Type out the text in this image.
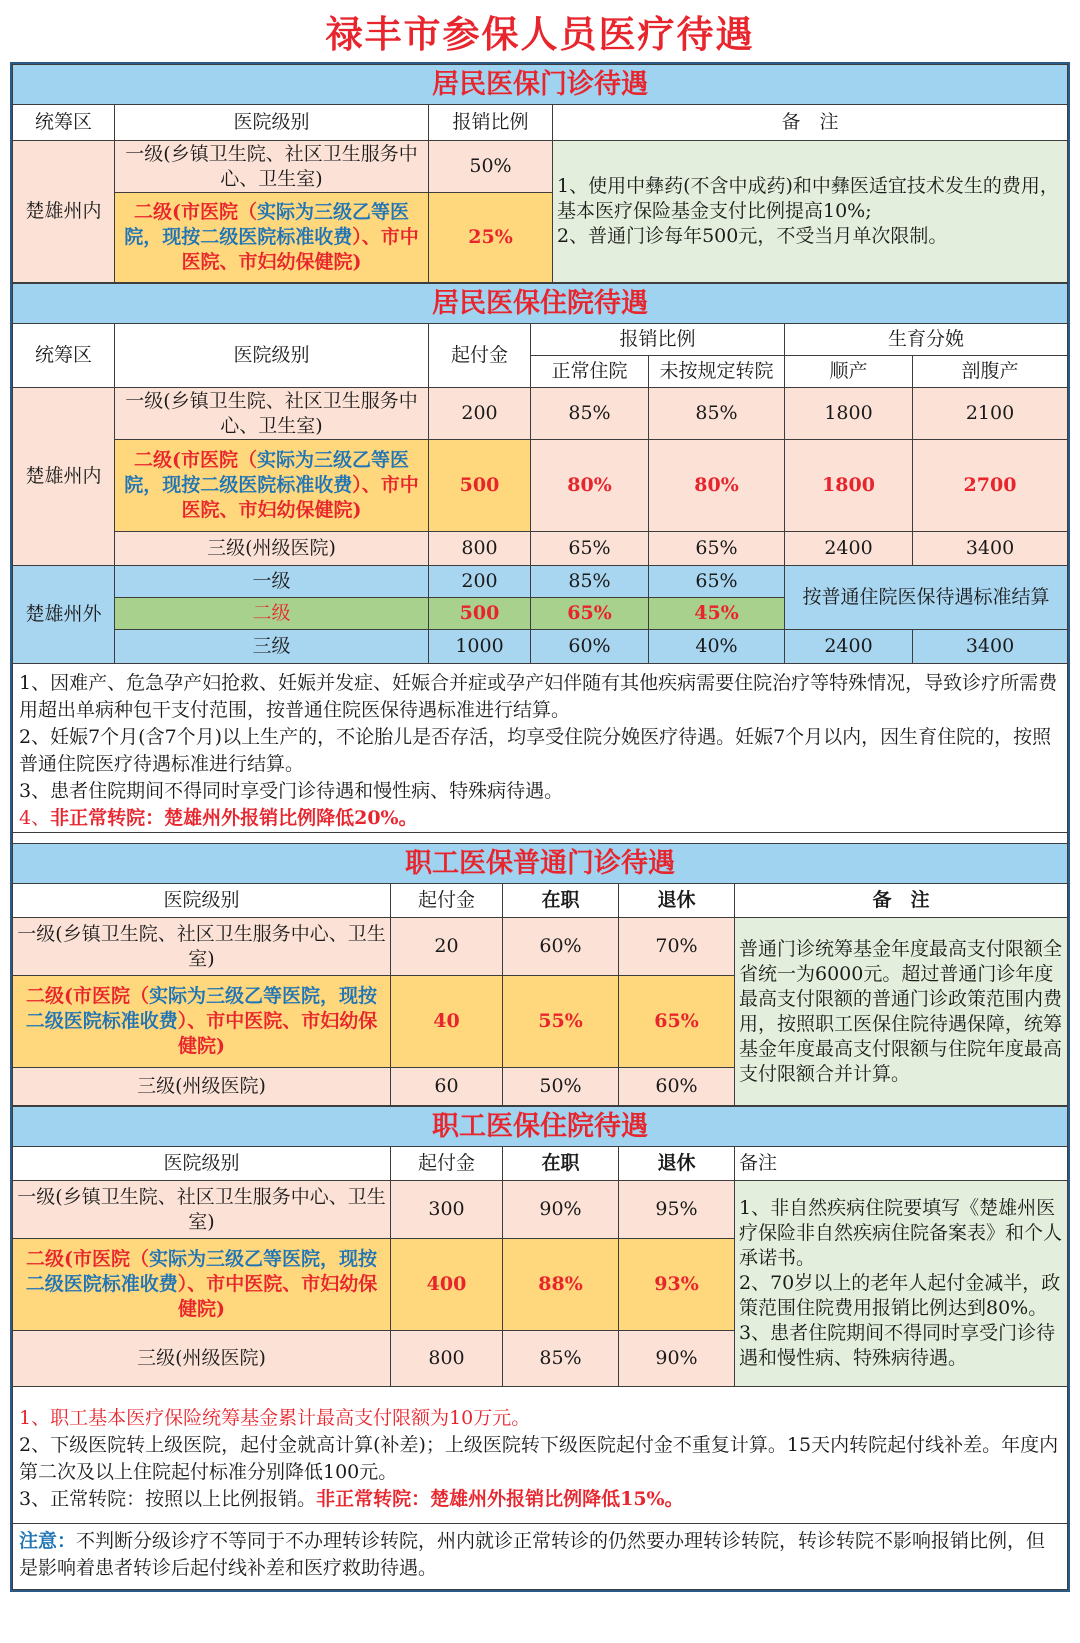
禄丰市参保人员医疗待遇
居民医保门诊待遇			
统筹区	医院级别	报销比例	备　注
楚雄州内	一级(乡镇卫生院、社区卫生服务中心、卫生室)	50%	1、使用中彝药(不含中成药)和中彝医适宜技术发生的费用，基本医疗保险基金支付比例提高10%;
2、普通门诊每年500元，不受当月单次限制。

	二级(市医院（实际为三级乙等医院，现按二级医院标准收费）、市中医院、市妇幼保健院)	25%	
居民医保住院待遇						
统筹区	医院级别	起付金	报销比例		生育分娩	
			正常住院	未按规定转院	顺产	剖腹产
楚雄州内	一级(乡镇卫生院、社区卫生服务中心、卫生室)	200	85%	85%	1800	2100
	二级(市医院（实际为三级乙等医院，现按二级医院标准收费）、市中医院、市妇幼保健院)	500	80%	80%	1800	2700
	三级(州级医院)	800	65%	65%	2400	3400
楚雄州外	一级	200	85%	65%	按普通住院医保待遇标准结算	
	二级	500	65%	45%		
	三级	1000	60%	40%	2400	3400

1、因难产、危急孕产妇抢救、妊娠并发症、妊娠合并症或孕产妇伴随有其他疾病需要住院治疗等特殊情况，导致诊疗所需费用超出单病种包干支付范围，按普通住院医保待遇标准进行结算。

2、妊娠7个月(含7个月)以上生产的，不论胎儿是否存活，均享受住院分娩医疗待遇。妊娠7个月以内，因生育住院的，按照普通住院医疗待遇标准进行结算。

3、患者住院期间不得同时享受门诊待遇和慢性病、特殊病待遇。

4、非正常转院：楚雄州外报销比例降低20%。

职工医保普通门诊待遇				
医院级别	起付金	在职	退休	备　注
一级(乡镇卫生院、社区卫生服务中心、卫生室)	20	60%	70%	普通门诊统筹基金年度最高支付限额全省统一为6000元。超过普通门诊年度最高支付限额的普通门诊政策范围内费用，按照职工医保住院待遇保障，统筹基金年度最高支付限额与住院年度最高支付限额合并计算。
二级(市医院（实际为三级乙等医院，现按二级医院标准收费）、市中医院、市妇幼保健院)	40	55%	65%	
三级(州级医院)	60	50%	60%	
职工医保住院待遇				
医院级别	起付金	在职	退休	备注
一级(乡镇卫生院、社区卫生服务中心、卫生室)	300	90%	95%	1、非自然疾病住院要填写《楚雄州医疗保险非自然疾病住院备案表》和个人承诺书。
2、70岁以上的老年人起付金减半，政策范围住院费用报销比例达到80%。
3、患者住院期间不得同时享受门诊待遇和慢性病、特殊病待遇。

二级(市医院（实际为三级乙等医院，现按二级医院标准收费）、市中医院、市妇幼保健院)	400	88%	93%	
三级(州级医院)	800	85%	90%	

1、职工基本医疗保险统筹基金累计最高支付限额为10万元。

2、下级医院转上级医院，起付金就高计算(补差)；上级医院转下级医院起付金不重复计算。15天内转院起付线补差。年度内第二次及以上住院起付标准分别降低100元。

3、正常转院：按照以上比例报销。非正常转院：楚雄州外报销比例降低15%。

注意：不判断分级诊疗不等同于不办理转诊转院，州内就诊正常转诊的仍然要办理转诊转院，转诊转院不影响报销比例，但是影响着患者转诊后起付线补差和医疗救助待遇。
